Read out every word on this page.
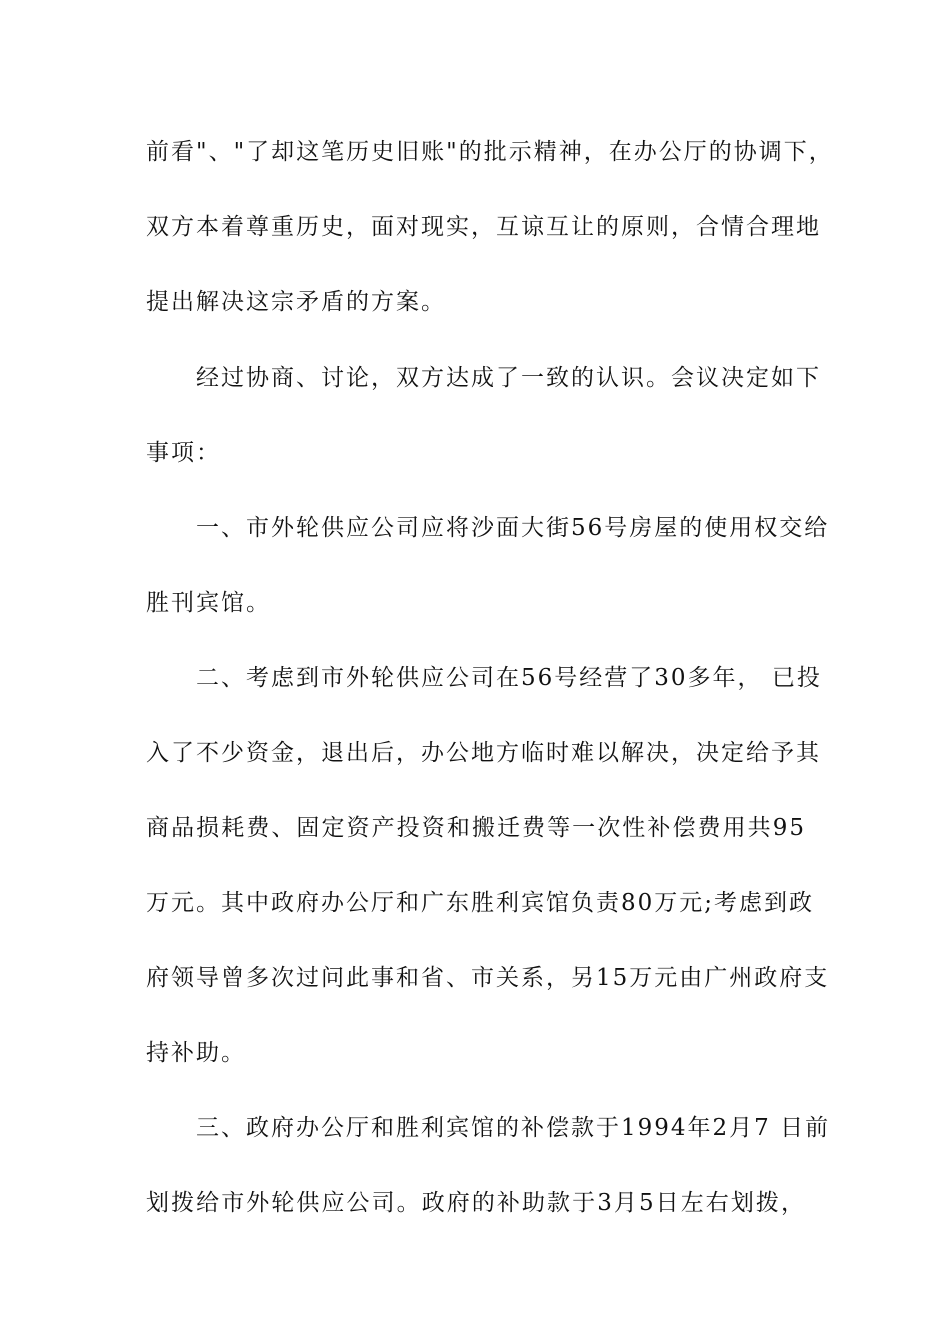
前看"、"了却这笔历史旧账"的批示精神，在办公厅的协调下，
双方本着尊重历史，面对现实，互谅互让的原则，合情合理地
提出解决这宗矛盾的方案。
经过协商、讨论，双方达成了一致的认识。会议决定如下
事项：
一、市外轮供应公司应将沙面大街56号房屋的使用权交给
胜刊宾馆。
二、考虑到市外轮供应公司在56号经营了30多年， 已投
入了不少资金，退出后，办公地方临时难以解决，决定给予其
商品损耗费、固定资产投资和搬迁费等一次性补偿费用共95
万元。其中政府办公厅和广东胜利宾馆负责80万元;考虑到政
府领导曾多次过问此事和省、市关系，另15万元由广州政府支
持补助。
三、政府办公厅和胜利宾馆的补偿款于1994年2月7 日前
划拨给市外轮供应公司。政府的补助款于3月5日左右划拨，
